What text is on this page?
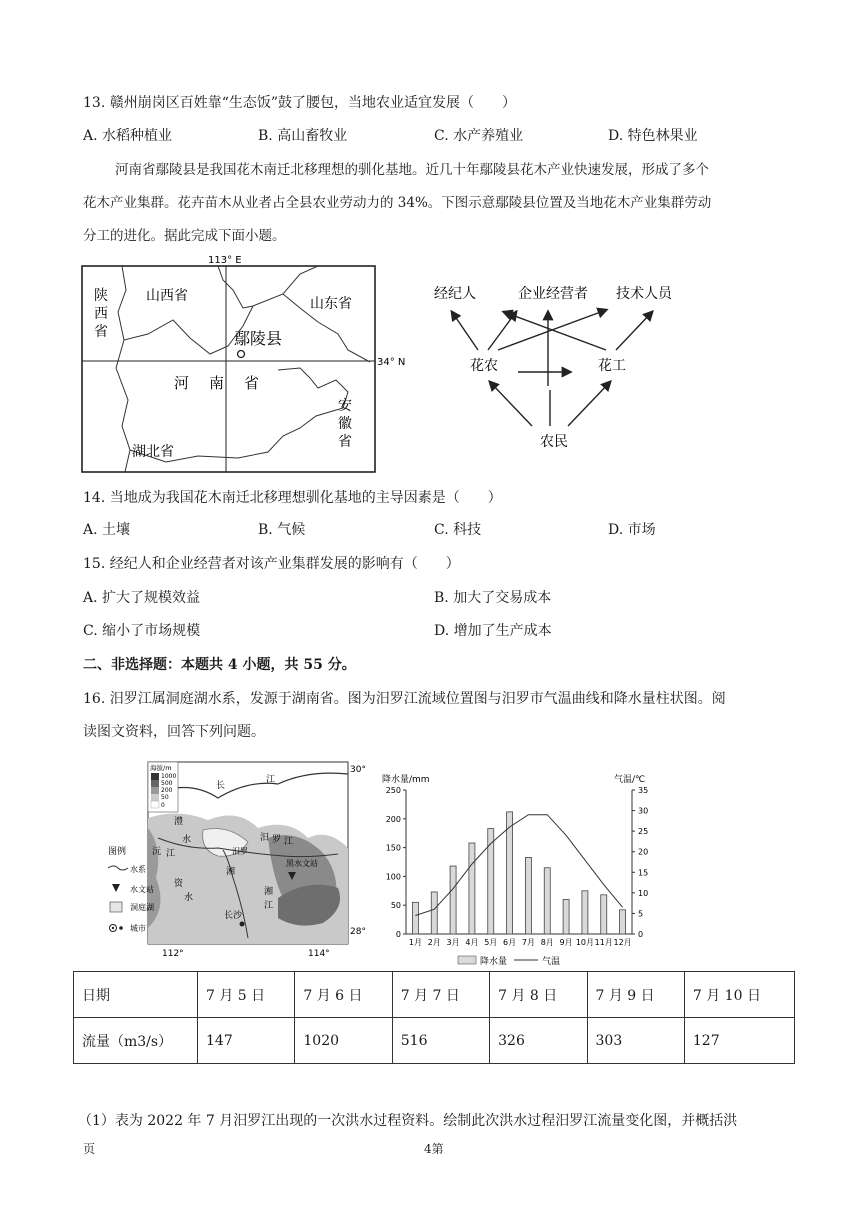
13. 赣州崩岗区百姓靠“生态饭”鼓了腰包，当地农业适宜发展（　　）
A. 水稻种植业	B. 高山畜牧业	C. 水产养殖业	D. 特色林果业
河南省鄢陵县是我国花木南迁北移理想的驯化基地。近几十年鄢陵县花木产业快速发展，形成了多个
花木产业集群。花卉苗木从业者占全县农业劳动力的 34%。下图示意鄢陵县位置及当地花木产业集群劳动
分工的进化。据此完成下面小题。
113° E
34° N
陕
西
省
山西省	山东省
河南省
安
徽
省
湖北省
鄢陵县
经纪人	企业经营者 技术人员
花农	花工
农民
14. 当地成为我国花木南迁北移理想驯化基地的主导因素是（　　）
A. 土壤	B. 气候	C. 科技	D. 市场
15. 经纪人和企业经营者对该产业集群发展的影响有（　　）
A. 扩大了规模效益	B. 加大了交易成本
C. 缩小了市场规模	D. 增加了生产成本
二、非选择题：本题共 4 小题，共 55 分。
16. 汨罗江属洞庭湖水系，发源于湖南省。图为汨罗江流域位置图与汨罗市气温曲线和降水量柱状图。阅
读图文资料，回答下列问题。
海拔/m
1000
500
200
50
0
30°
28°
112°	114°
长
江
澧
水
沅 江
资
水
湘
汨罗
汨 罗 江
湘
江
长沙
黑水文站
图例
水系
水文站
洞庭湖
城市
降水量/mm	气温/℃
0
50
100
150
200
250
0
5
10
15
20
25
30
35
1月 2月 3月 4月 5月 6月 7月 8月 9月 10月 11月 12月
降水量	气温
日期	7 月 5 日	7 月 6 日	7 月 7 日	7 月 8 日	7 月 9 日	7 月 10 日
流量（m3/s）	147	1020	516	326	303	127
（1）表为 2022 年 7 月汨罗江出现的一次洪水过程资料。绘制此次洪水过程汨罗江流量变化图，并概括洪
页	4第
